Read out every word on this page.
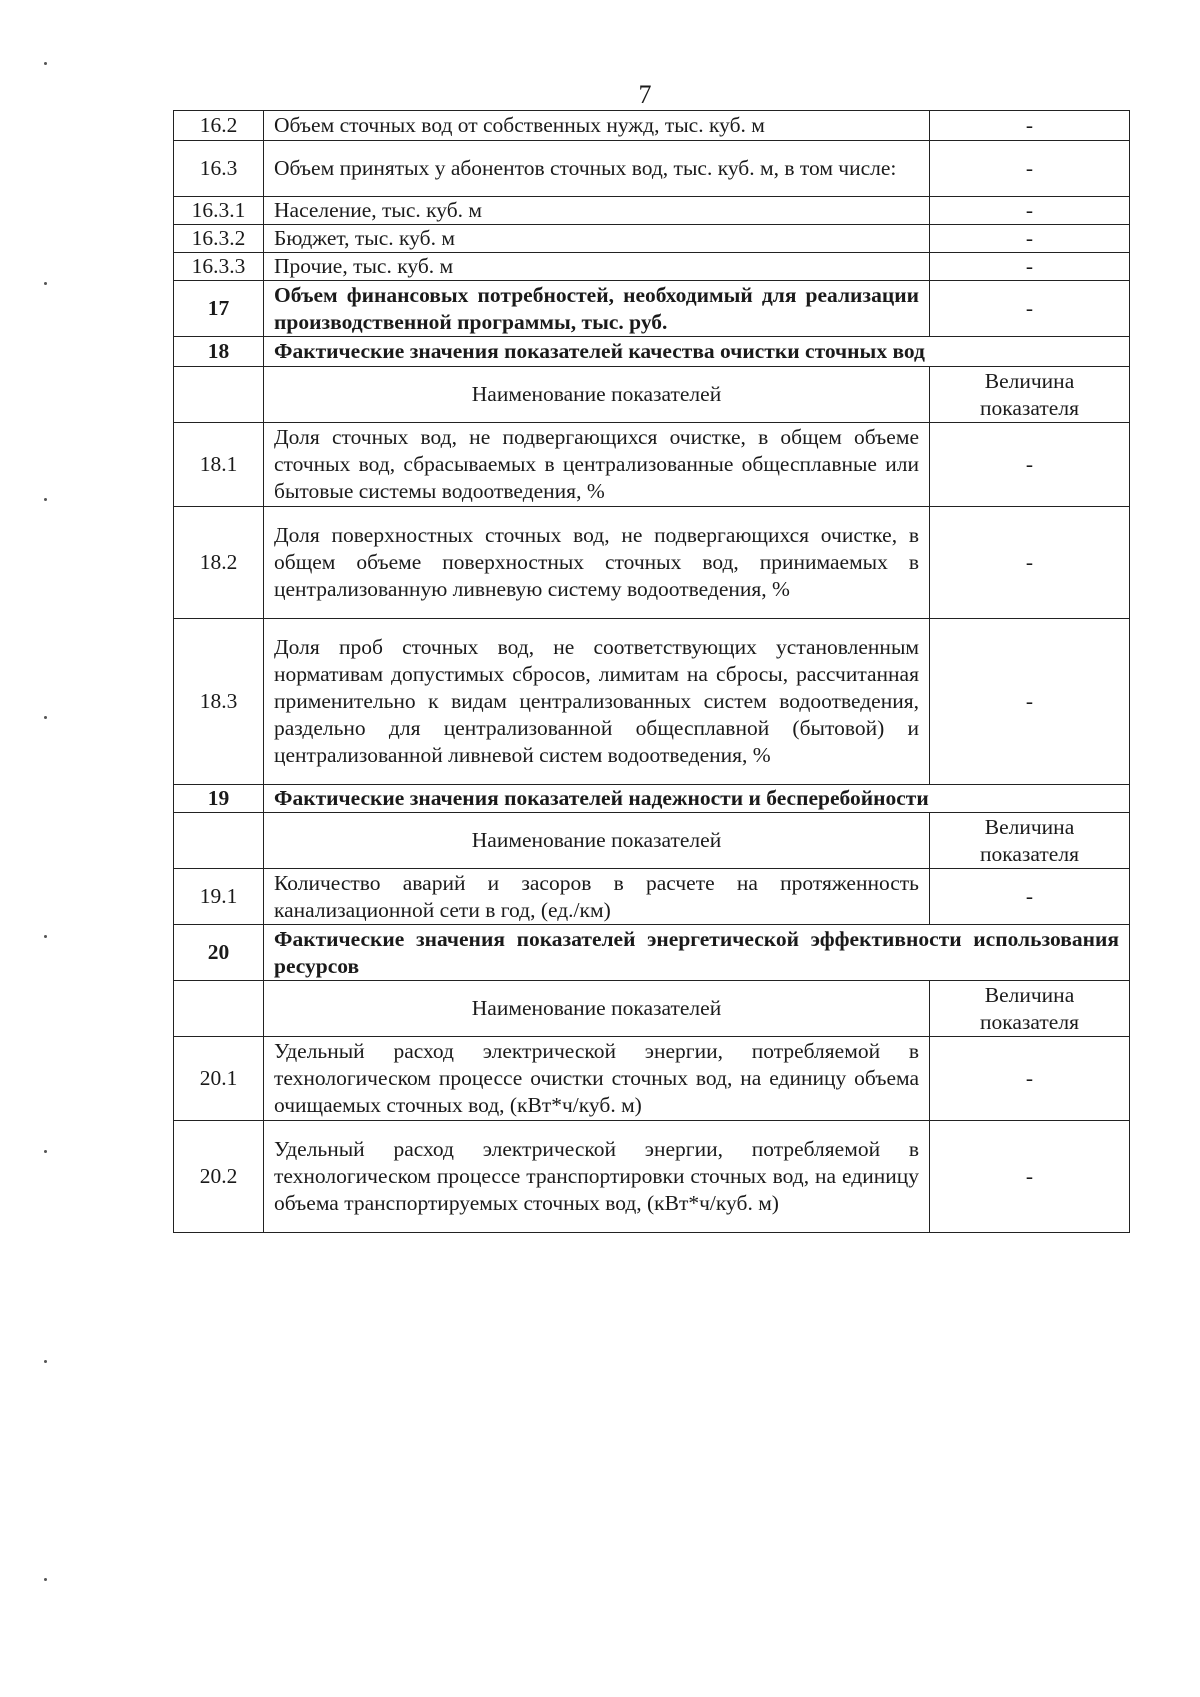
7
16.2	Объем сточных вод от собственных нужд, тыс. куб. м	-
16.3	Объем принятых у абонентов сточных вод, тыс. куб. м, в том числе:	-
16.3.1	Население, тыс. куб. м	-
16.3.2	Бюджет, тыс. куб. м	-
16.3.3	Прочие, тыс. куб. м	-
17	Объем финансовых потребностей, необходимый для реализации производственной программы, тыс. руб.	-
18	Фактические значения показателей качества очистки сточных вод	
	Наименование показателей	Величина показателя
18.1	Доля сточных вод, не подвергающихся очистке, в общем объеме сточных вод, сбрасываемых в централизованные общесплавные или бытовые системы водоотведения, %	-
18.2	Доля поверхностных сточных вод, не подвергающихся очистке, в общем объеме поверхностных сточных вод, принимаемых в централизованную ливневую систему водоотведения, %	-
18.3	Доля проб сточных вод, не соответствующих установленным нормативам допустимых сбросов, лимитам на сбросы, рассчитанная применительно к видам централизованных систем водоотведения, раздельно для централизованной общесплавной (бытовой) и централизованной ливневой систем водоотведения, %	-
19	Фактические значения показателей надежности и бесперебойности	
	Наименование показателей	Величина показателя
19.1	Количество аварий и засоров в расчете на протяженность канализационной сети в год, (ед./км)	-
20	Фактические значения показателей энергетической эффективности использования ресурсов	
	Наименование показателей	Величина показателя
20.1	Удельный расход электрической энергии, потребляемой в технологическом процессе очистки сточных вод, на единицу объема очищаемых сточных вод, (кВт*ч/куб. м)	-
20.2	Удельный расход электрической энергии, потребляемой в технологическом процессе транспортировки сточных вод, на единицу объема транспортируемых сточных вод, (кВт*ч/куб. м)	-
